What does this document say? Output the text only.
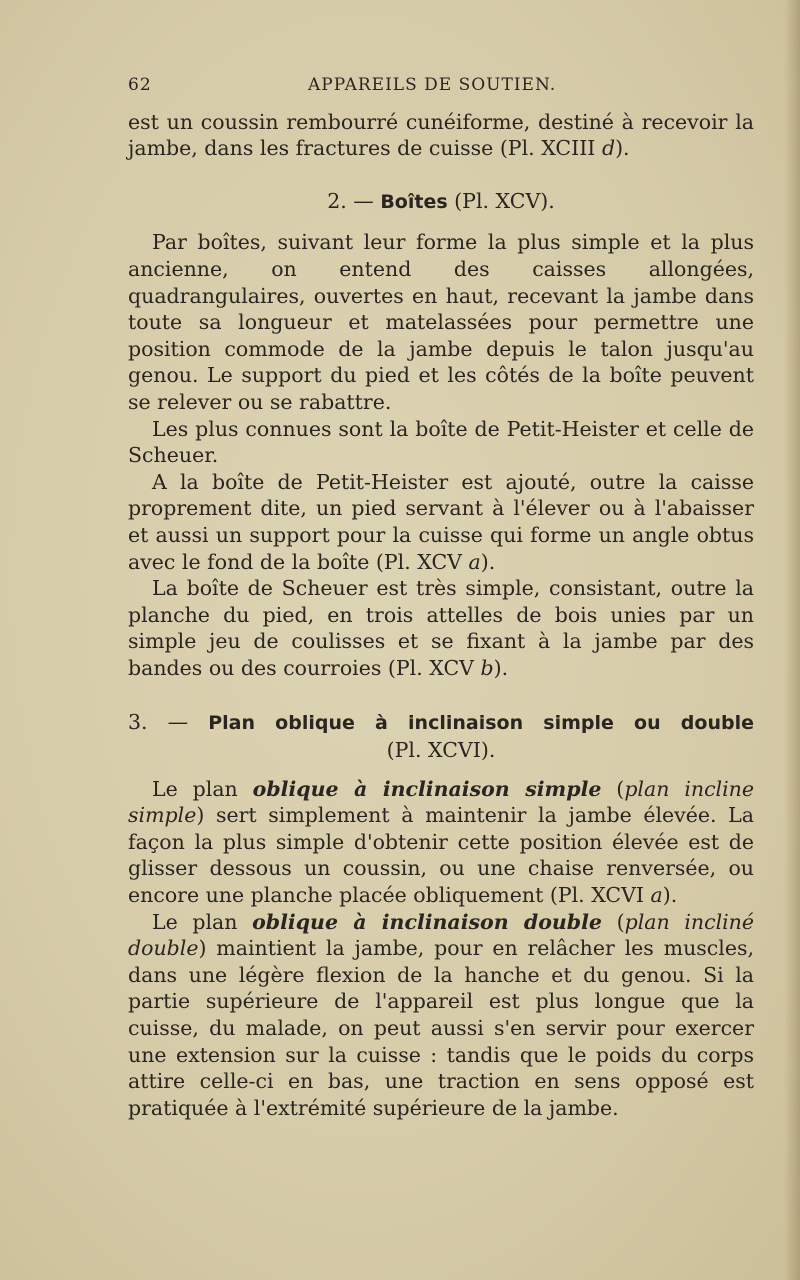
62	APPAREILS DE SOUTIEN.

est un coussin rembourré cunéiforme, destiné à recevoir la jambe, dans les fractures de cuisse (Pl. XCIII d).

2. — Boîtes (Pl. XCV).

Par boîtes, suivant leur forme la plus simple et la plus ancienne, on entend des caisses allongées, quadrangulaires, ouvertes en haut, recevant la jambe dans toute sa longueur et matelassées pour permettre une position commode de la jambe depuis le talon jusqu'au genou. Le support du pied et les côtés de la boîte peuvent se relever ou se rabattre.

Les plus connues sont la boîte de Petit-Heister et celle de Scheuer.

A la boîte de Petit-Heister est ajouté, outre la caisse proprement dite, un pied servant à l'élever ou à l'abaisser et aussi un support pour la cuisse qui forme un angle obtus avec le fond de la boîte (Pl. XCV a).

La boîte de Scheuer est très simple, consistant, outre la planche du pied, en trois attelles de bois unies par un simple jeu de coulisses et se fixant à la jambe par des bandes ou des courroies (Pl. XCV b).

3. — Plan oblique à inclinaison simple ou double
(Pl. XCVI).

Le plan oblique à inclinaison simple (plan incline simple) sert simplement à maintenir la jambe élevée. La façon la plus simple d'obtenir cette position élevée est de glisser dessous un coussin, ou une chaise renversée, ou encore une planche placée obliquement (Pl. XCVI a).

Le plan oblique à inclinaison double (plan incliné double) maintient la jambe, pour en relâcher les muscles, dans une légère flexion de la hanche et du genou. Si la partie supérieure de l'appareil est plus longue que la cuisse, du malade, on peut aussi s'en servir pour exercer une extension sur la cuisse : tandis que le poids du corps attire celle-ci en bas, une traction en sens opposé est pratiquée à l'extrémité supérieure de la jambe.
